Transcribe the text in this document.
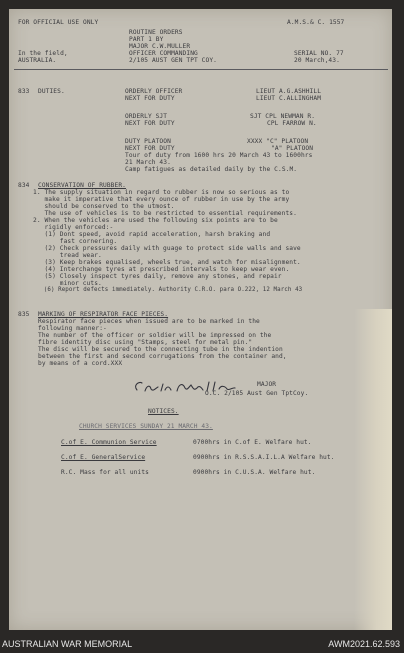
FOR OFFICIAL USE ONLY	A.M.S.& C. 1557
ROUTINE ORDERS
PART 1 BY
MAJOR C.W.MULLER
OFFICER COMMANDING
2/105 AUST GEN TPT COY.
In the field,
AUSTRALIA.
SERIAL NO. 77
20 March,43.
833 DUTIES.	ORDERLY OFFICER	LIEUT A.G.ASHHILL
NEXT FOR DUTY	LIEUT C.ALLINGHAM
ORDERLY SJT	SJT CPL NEWMAN R.
NEXT FOR DUTY	CPL FARROW N.
DUTY PLATOON	XXXX "C" PLATOON
NEXT FOR DUTY	"A" PLATOON
Tour of duty from 1600 hrs 20 March 43 to 1600hrs
21 March 43.
Camp fatigues as detailed daily by the C.S.M.
834 CONSERVATION OF RUBBER.
1. The supply situation in regard to rubber is now so serious as to
make it imperative that every ounce of rubber in use by the army
should be conserved to the utmost.
The use of vehicles is to be restricted to essential requirements.
2. When the vehicles are used the following six points are to be
rigidly enforced:-
(1) Dont speed, avoid rapid acceleration, harsh braking and
fast cornering.
(2) Check pressures daily with guage to protect side walls and save
tread wear.
(3) Keep brakes equalised, wheels true, and watch for misalignment.
(4) Interchange tyres at prescribed intervals to keep wear even.
(5) Closely inspect tyres daily, remove any stones, and repair
minor cuts.
(6) Report defects immediately. Authority C.R.O. para O.222, 12 March 43
835 MARKING OF RESPIRATOR FACE PIECES.
Respirator face pieces when issued are to be marked in the
following manner:-
The number of the officer or soldier will be impressed on the
fibre identity disc using "Stamps, steel for metal pin."
The disc will be secured to the connecting tube in the indention
between the first and second corrugations from the container and,
by means of a cord.XXX
MAJOR
O.C. 2/105 Aust Gen TptCoy.
NOTICES.
CHURCH SERVICES SUNDAY 21 MARCH 43.
C.of E. Communion Service	0700hrs in C.of E. Welfare hut.
C.of E. GeneralService	0900hrs in R.S.S.A.I.L.A Welfare hut.
R.C. Mass for all units	0900hrs in C.U.S.A. Welfare hut.
AUSTRALIAN WAR MEMORIAL	AWM2021.62.593
